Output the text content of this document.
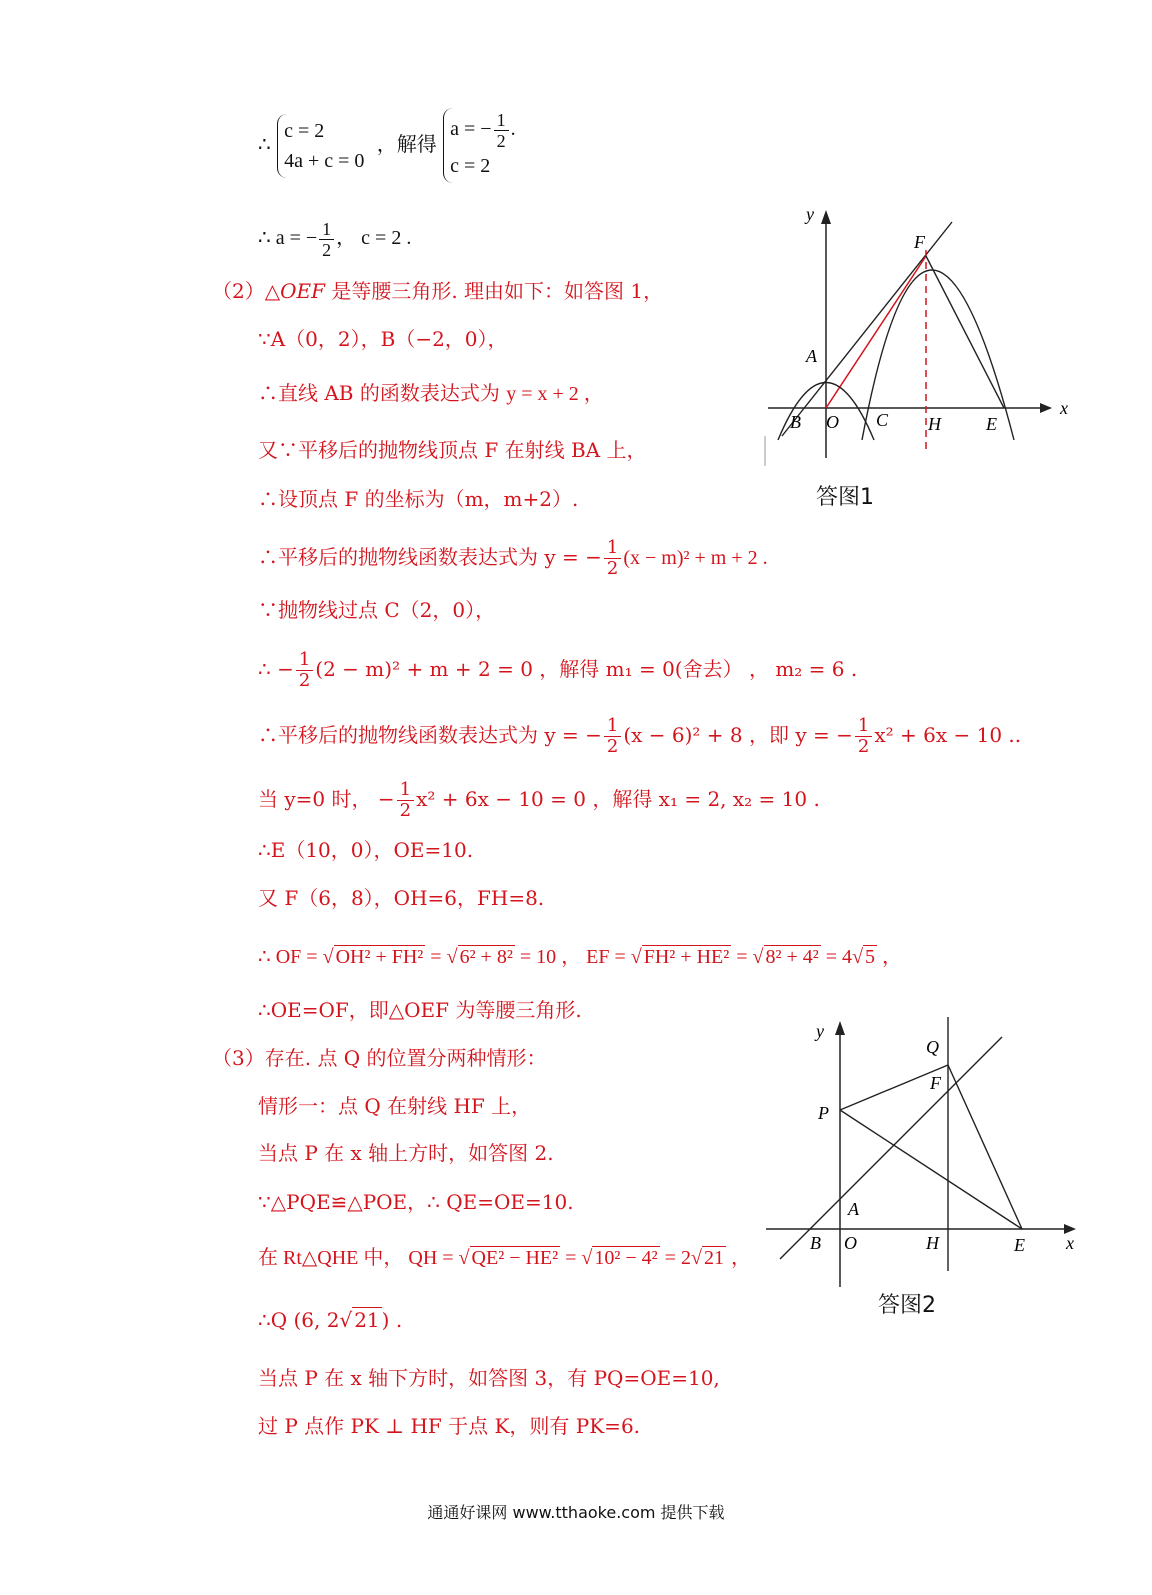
∴
c = 2
4a + c = 0
，解得
a = − $\frac{1}{2}$ .
c = 2
∴ a = − $\frac{1}{2}$ ， c = 2 .
（2）△OEF 是等腰三角形. 理由如下：如答图 1，
∵A（0，2），B（−2，0），
∴直线 AB 的函数表达式为 y = x + 2 ，
又∵平移后的抛物线顶点 F 在射线 BA 上，
∴设顶点 F 的坐标为（m，m+2）.
∴平移后的抛物线函数表达式为 y = − $\frac{1}{2} (x - m)^2 + m + 2$ .
∵抛物线过点 C（2，0），
∴ − $\frac{1}{2} (2 - m)^2 + m + 2 = 0$ ，解得 m₁ = 0(舍去） ， m₂ = 6 .
∴平移后的抛物线函数表达式为 y = − $\frac{1}{2} (x - 6)^2 + 8$ ，即 y = − $\frac{1}{2} x^2 + 6x - 10$ ..
当 y=0 时， − $\frac{1}{2} x^2 + 6x - 10 = 0$ ，解得 x₁ = 2, x₂ = 10 .
∴E（10，0），OE=10.
又 F（6，8），OH=6，FH=8.
∴ OF = √ OH² + FH² = √ 6² + 8² = 10 ， EF = √ FH² + HE² = √ 8² + 4² = 4√ 5 ，
∴OE=OF，即△OEF 为等腰三角形.
（3）存在. 点 Q 的位置分两种情形：
情形一：点 Q 在射线 HF 上，
当点 P 在 x 轴上方时，如答图 2.
∵△PQE≌△POE，∴ QE=OE=10.
在 Rt△QHE 中， QH = √ QE² − HE² = √ 10² − 4² = 2√ 21 ，
∴Q (6, 2√ 21 ) .
当点 P 在 x 轴下方时，如答图 3，有 PQ=OE=10,
过 P 点作 PK ⊥ HF 于点 K，则有 PK=6.
y
x
F
A
B O C H	E
答图1
y
x
Q
F
P
A
B O	H	E
答图2
通通好课网 www.tthaoke.com 提供下载
